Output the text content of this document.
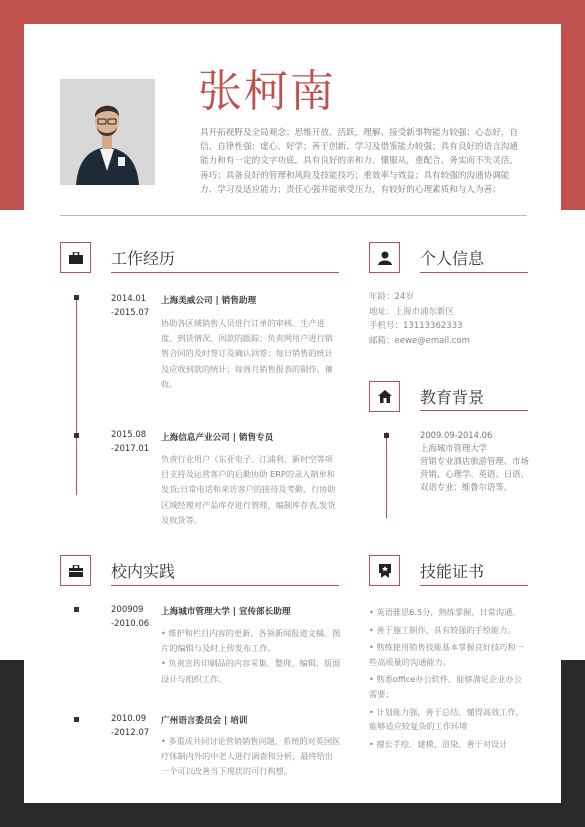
张柯南
具开拓视野及全局观念；思维开放、活跃，理解、接受新事物能力较强；心态好，自信、自律性强；虚心、好学；善于创新、学习及借鉴能力较强；具有良好的语言沟通能力和有一定的文字功底，具有良好的亲和力、懂服从，重配合、务实而不失灵活，善巧；具备良好的管理和风险及技能技巧；重效率与效益；具有较强的沟通协调能力、学习及适应能力；责任心强并能承受压力，有较好的心理素质和与人为善；
工作经历
2014.01
-2015.07
上海美威公司 | 销售助理
协助各区域销售人员进行订单的审核、生产进度、到货情况、回款的跟踪；负责网用户进行销售合同的及时签订及确认回签；每日销售的统计及应收到款的统计；每周月销售报表的制作、催收。
2015.08
-2017.01
上海信息产业公司 | 销售专员
负责行业用户（东亚电子、江浦利、新时空等项目支持及运营客户的后勤协助 ERP的录入制单和发货;日常电话和来访客户的接待及考勤、行协助区域经理对产品库存进行管理，编制库存表,发货及收货等。
个人信息
年龄：24岁
地址：上海市浦东新区
手机号：13113362333
邮箱：eewe@email.com
教育背景
2009.09-2014.06
上海城市管理大学
营销专业酒店旅游管理、市场营销、心理学、英语、日语、双语专业：维鲁尔语等。
校内实践
200909
-2010.06
上海城市管理大学 | 宣传部长助理
• 维护和栏目内容的更新、各领新闻报道文稿、图片的编辑与及时上传发布工作。
• 负责宣传印刷品的内容采集、整理、编辑、版面设计与组织工作。
2010.09
-2012.07
广州语言委员会 | 培训
• 多重成共同讨论营销销售问题，系统的对英国医疗体制内外的中老人进行调查和分析，最终给出一个可以改善当下现状的可行构想。
技能证书

• 英语雅思6.5分，熟练掌握，日常沟通。

• 善于施工制作，具有较强的手绘能力。

• 熟练使用销售技能基本掌握良好技巧和一些高质量的沟通能力。

• 熟悉office办公软件，能够满足企业办公需要；

• 计划能力强，善于总结，懂得高效工作，能够适应较复杂的工作环境

• 擅长手绘、建模、渲染，善于对设计
